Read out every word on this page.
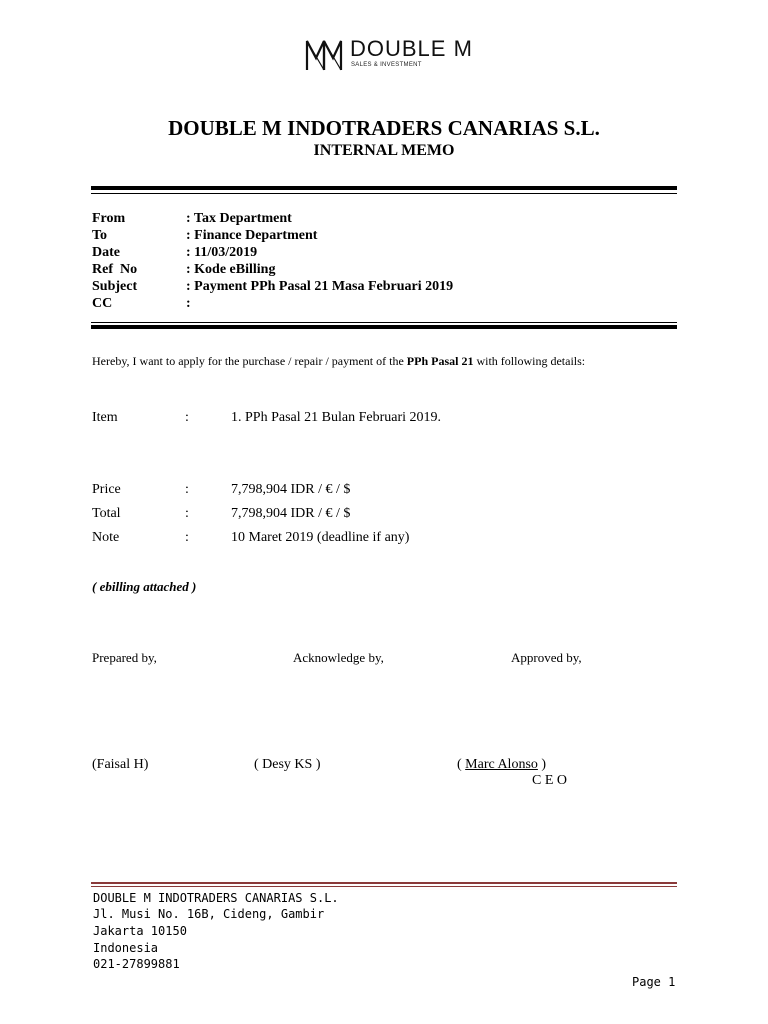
DOUBLE M
SALES & INVESTMENT
DOUBLE M INDOTRADERS CANARIAS S.L.
INTERNAL MEMO
From	: Tax Department
To	: Finance Department
Date	: 11/03/2019
Ref  No	: Kode eBilling
Subject	: Payment PPh Pasal 21 Masa Februari 2019
CC	:
Hereby, I want to apply for the purchase / repair / payment of the PPh Pasal 21 with following details:
Item	:	1. PPh Pasal 21 Bulan Februari 2019.
Price	:	7,798,904 IDR / € / $
Total	:	7,798,904 IDR / € / $
Note	:	10 Maret 2019 (deadline if any)
( ebilling attached )
Prepared by,	Acknowledge by,	Approved by,
(Faisal H)	( Desy KS )	( Marc Alonso )
C E O
DOUBLE M INDOTRADERS CANARIAS S.L.
Jl. Musi No. 16B, Cideng, Gambir
Jakarta 10150
Indonesia
021-27899881
Page 1
